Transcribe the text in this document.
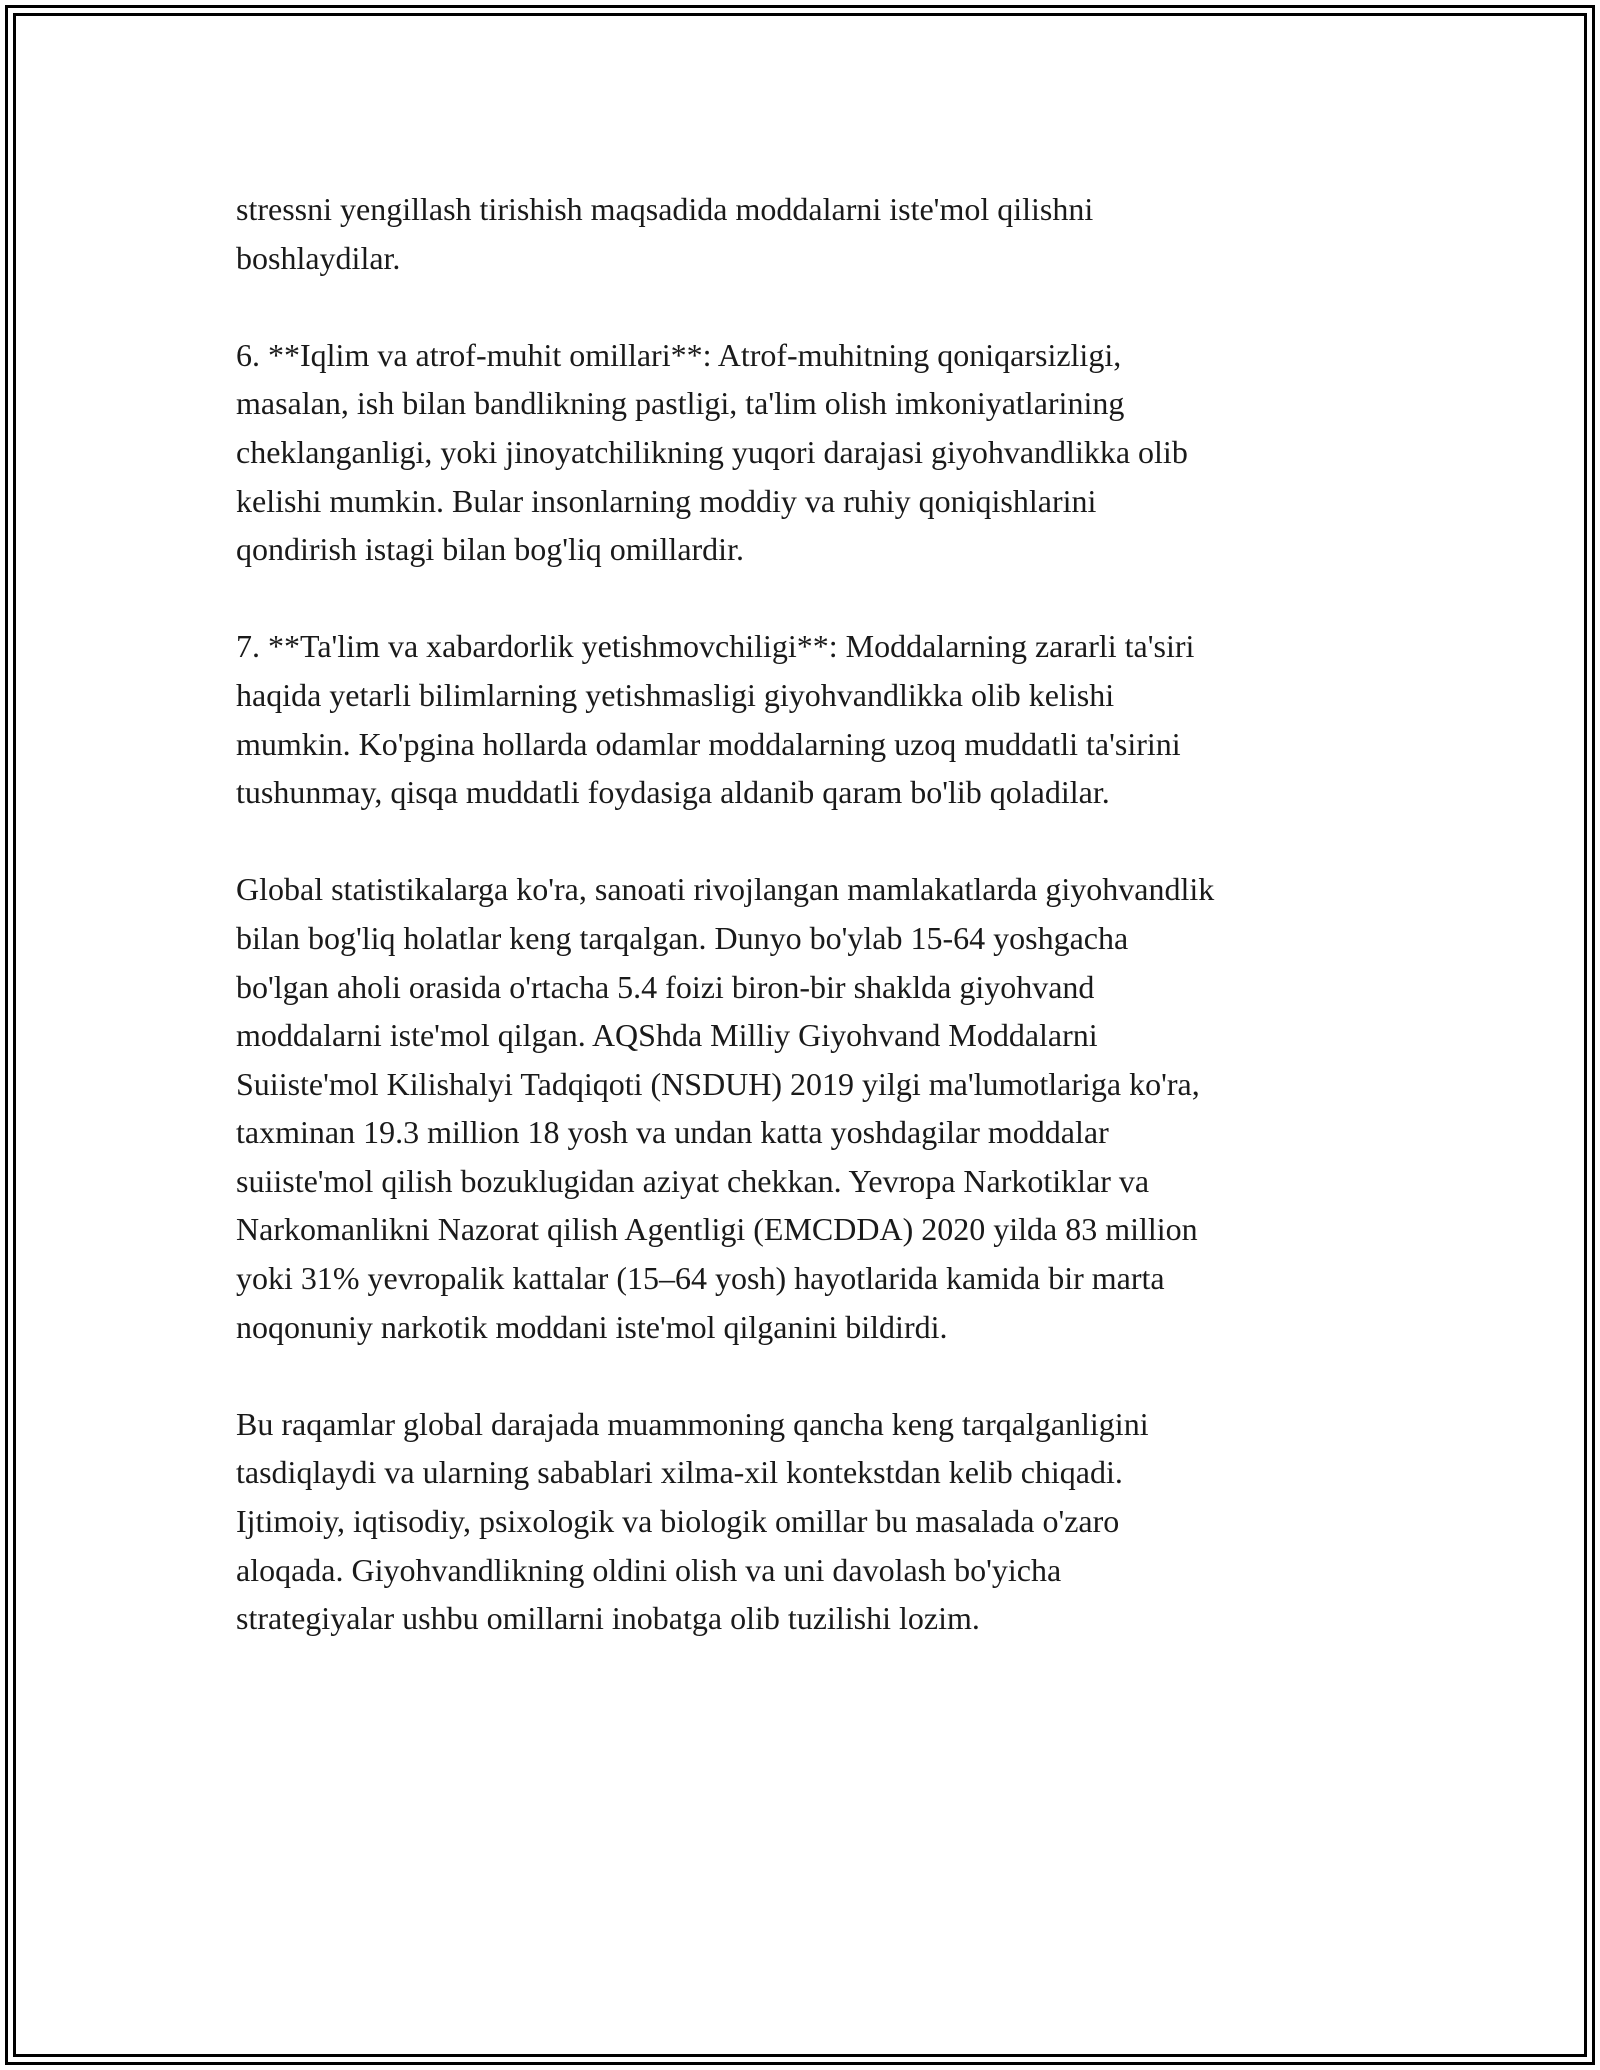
stressni yengillash tirishish maqsadida moddalarni iste'mol qilishni
boshlaydilar.

6. **Iqlim va atrof-muhit omillari**: Atrof-muhitning qoniqarsizligi,
masalan, ish bilan bandlikning pastligi, ta'lim olish imkoniyatlarining
cheklanganligi, yoki jinoyatchilikning yuqori darajasi giyohvandlikka olib
kelishi mumkin. Bular insonlarning moddiy va ruhiy qoniqishlarini
qondirish istagi bilan bog'liq omillardir.

7. **Ta'lim va xabardorlik yetishmovchiligi**: Moddalarning zararli ta'siri
haqida yetarli bilimlarning yetishmasligi giyohvandlikka olib kelishi
mumkin. Ko'pgina hollarda odamlar moddalarning uzoq muddatli ta'sirini
tushunmay, qisqa muddatli foydasiga aldanib qaram bo'lib qoladilar.

Global statistikalarga ko'ra, sanoati rivojlangan mamlakatlarda giyohvandlik
bilan bog'liq holatlar keng tarqalgan. Dunyo bo'ylab 15-64 yoshgacha
bo'lgan aholi orasida o'rtacha 5.4 foizi biron-bir shaklda giyohvand
moddalarni iste'mol qilgan. AQShda Milliy Giyohvand Moddalarni
Suiiste'mol Kilishalyi Tadqiqoti (NSDUH) 2019 yilgi ma'lumotlariga ko'ra,
taxminan 19.3 million 18 yosh va undan katta yoshdagilar moddalar
suiiste'mol qilish bozuklugidan aziyat chekkan. Yevropa Narkotiklar va
Narkomanlikni Nazorat qilish Agentligi (EMCDDA) 2020 yilda 83 million
yoki 31% yevropalik kattalar (15–64 yosh) hayotlarida kamida bir marta
noqonuniy narkotik moddani iste'mol qilganini bildirdi.

Bu raqamlar global darajada muammoning qancha keng tarqalganligini
tasdiqlaydi va ularning sabablari xilma-xil kontekstdan kelib chiqadi.
Ijtimoiy, iqtisodiy, psixologik va biologik omillar bu masalada o'zaro
aloqada. Giyohvandlikning oldini olish va uni davolash bo'yicha
strategiyalar ushbu omillarni inobatga olib tuzilishi lozim.
